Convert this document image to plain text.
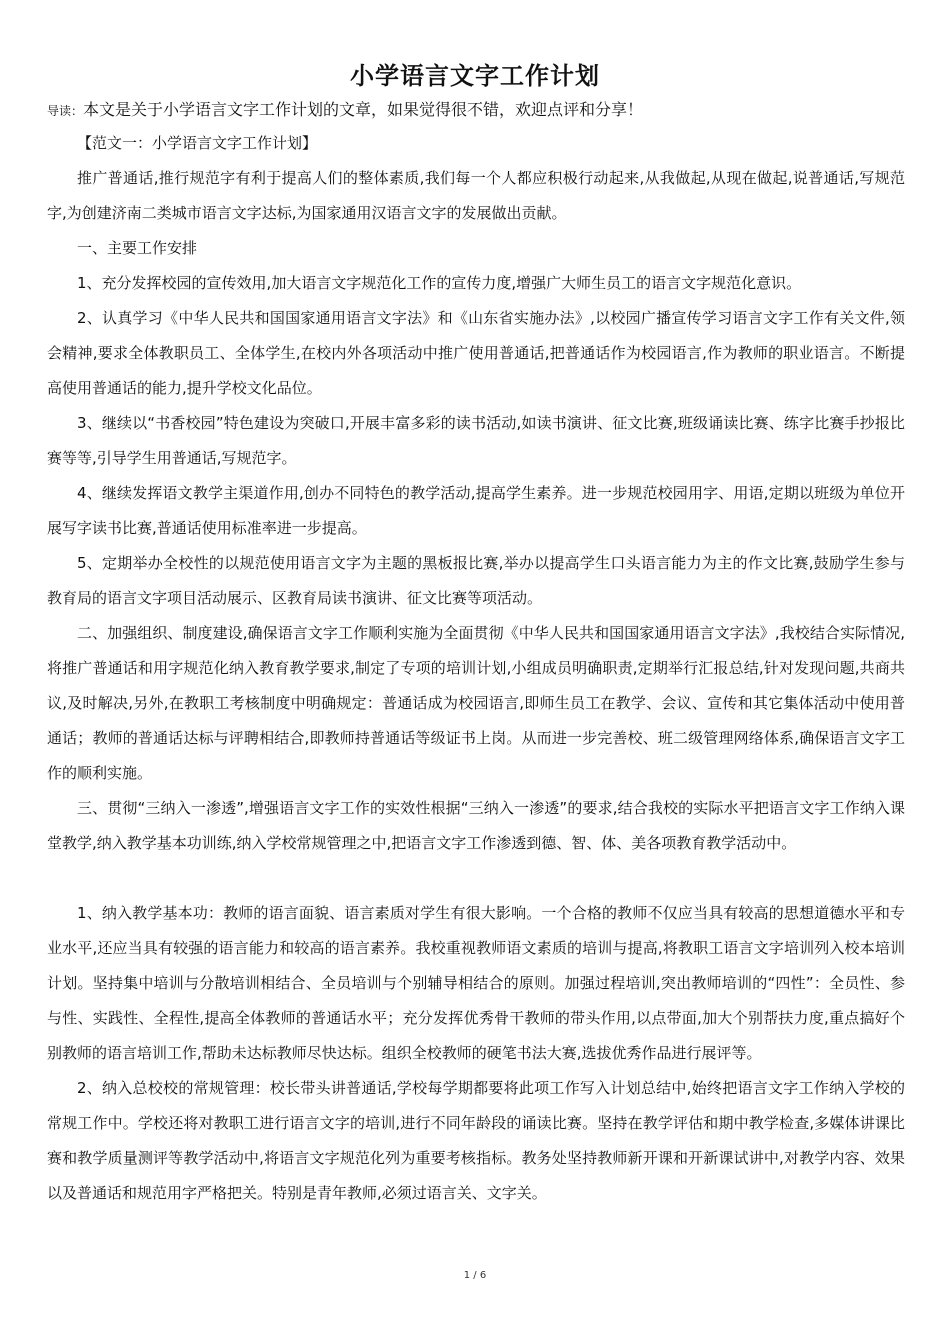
小学语言文字工作计划
导读：本文是关于小学语言文字工作计划的文章，如果觉得很不错，欢迎点评和分享！

【范文一：小学语言文字工作计划】

推广普通话,推行规范字有利于提高人们的整体素质,我们每一个人都应积极行动起来,从我做起,从现在做起,说普通话,写规范字,为创建济南二类城市语言文字达标,为国家通用汉语言文字的发展做出贡献。

一、主要工作安排

1、充分发挥校园的宣传效用,加大语言文字规范化工作的宣传力度,增强广大师生员工的语言文字规范化意识。

2、认真学习《中华人民共和国国家通用语言文字法》和《山东省实施办法》,以校园广播宣传学习语言文字工作有关文件,领会精神,要求全体教职员工、全体学生,在校内外各项活动中推广使用普通话,把普通话作为校园语言,作为教师的职业语言。不断提高使用普通话的能力,提升学校文化品位。

3、继续以“书香校园”特色建设为突破口,开展丰富多彩的读书活动,如读书演讲、征文比赛,班级诵读比赛、练字比赛手抄报比赛等等,引导学生用普通话,写规范字。

4、继续发挥语文教学主渠道作用,创办不同特色的教学活动,提高学生素养。进一步规范校园用字、用语,定期以班级为单位开展写字读书比赛,普通话使用标准率进一步提高。

5、定期举办全校性的以规范使用语言文字为主题的黑板报比赛,举办以提高学生口头语言能力为主的作文比赛,鼓励学生参与教育局的语言文字项目活动展示、区教育局读书演讲、征文比赛等项活动。

二、加强组织、制度建设,确保语言文字工作顺利实施为全面贯彻《中华人民共和国国家通用语言文字法》,我校结合实际情况,将推广普通话和用字规范化纳入教育教学要求,制定了专项的培训计划,小组成员明确职责,定期举行汇报总结,针对发现问题,共商共议,及时解决,另外,在教职工考核制度中明确规定：普通话成为校园语言,即师生员工在教学、会议、宣传和其它集体活动中使用普通话；教师的普通话达标与评聘相结合,即教师持普通话等级证书上岗。从而进一步完善校、班二级管理网络体系,确保语言文字工作的顺利实施。

三、贯彻“三纳入一渗透”,增强语言文字工作的实效性根据“三纳入一渗透”的要求,结合我校的实际水平把语言文字工作纳入课堂教学,纳入教学基本功训练,纳入学校常规管理之中,把语言文字工作渗透到德、智、体、美各项教育教学活动中。

1、纳入教学基本功：教师的语言面貌、语言素质对学生有很大影响。一个合格的教师不仅应当具有较高的思想道德水平和专业水平,还应当具有较强的语言能力和较高的语言素养。我校重视教师语文素质的培训与提高,将教职工语言文字培训列入校本培训计划。坚持集中培训与分散培训相结合、全员培训与个别辅导相结合的原则。加强过程培训,突出教师培训的“四性”：全员性、参与性、实践性、全程性,提高全体教师的普通话水平；充分发挥优秀骨干教师的带头作用,以点带面,加大个别帮扶力度,重点搞好个别教师的语言培训工作,帮助未达标教师尽快达标。组织全校教师的硬笔书法大赛,选拔优秀作品进行展评等。

2、纳入总校校的常规管理：校长带头讲普通话,学校每学期都要将此项工作写入计划总结中,始终把语言文字工作纳入学校的常规工作中。学校还将对教职工进行语言文字的培训,进行不同年龄段的诵读比赛。坚持在教学评估和期中教学检查,多媒体讲课比赛和教学质量测评等教学活动中,将语言文字规范化列为重要考核指标。教务处坚持教师新开课和开新课试讲中,对教学内容、效果以及普通话和规范用字严格把关。特别是青年教师,必须过语言关、文字关。

1 / 6
